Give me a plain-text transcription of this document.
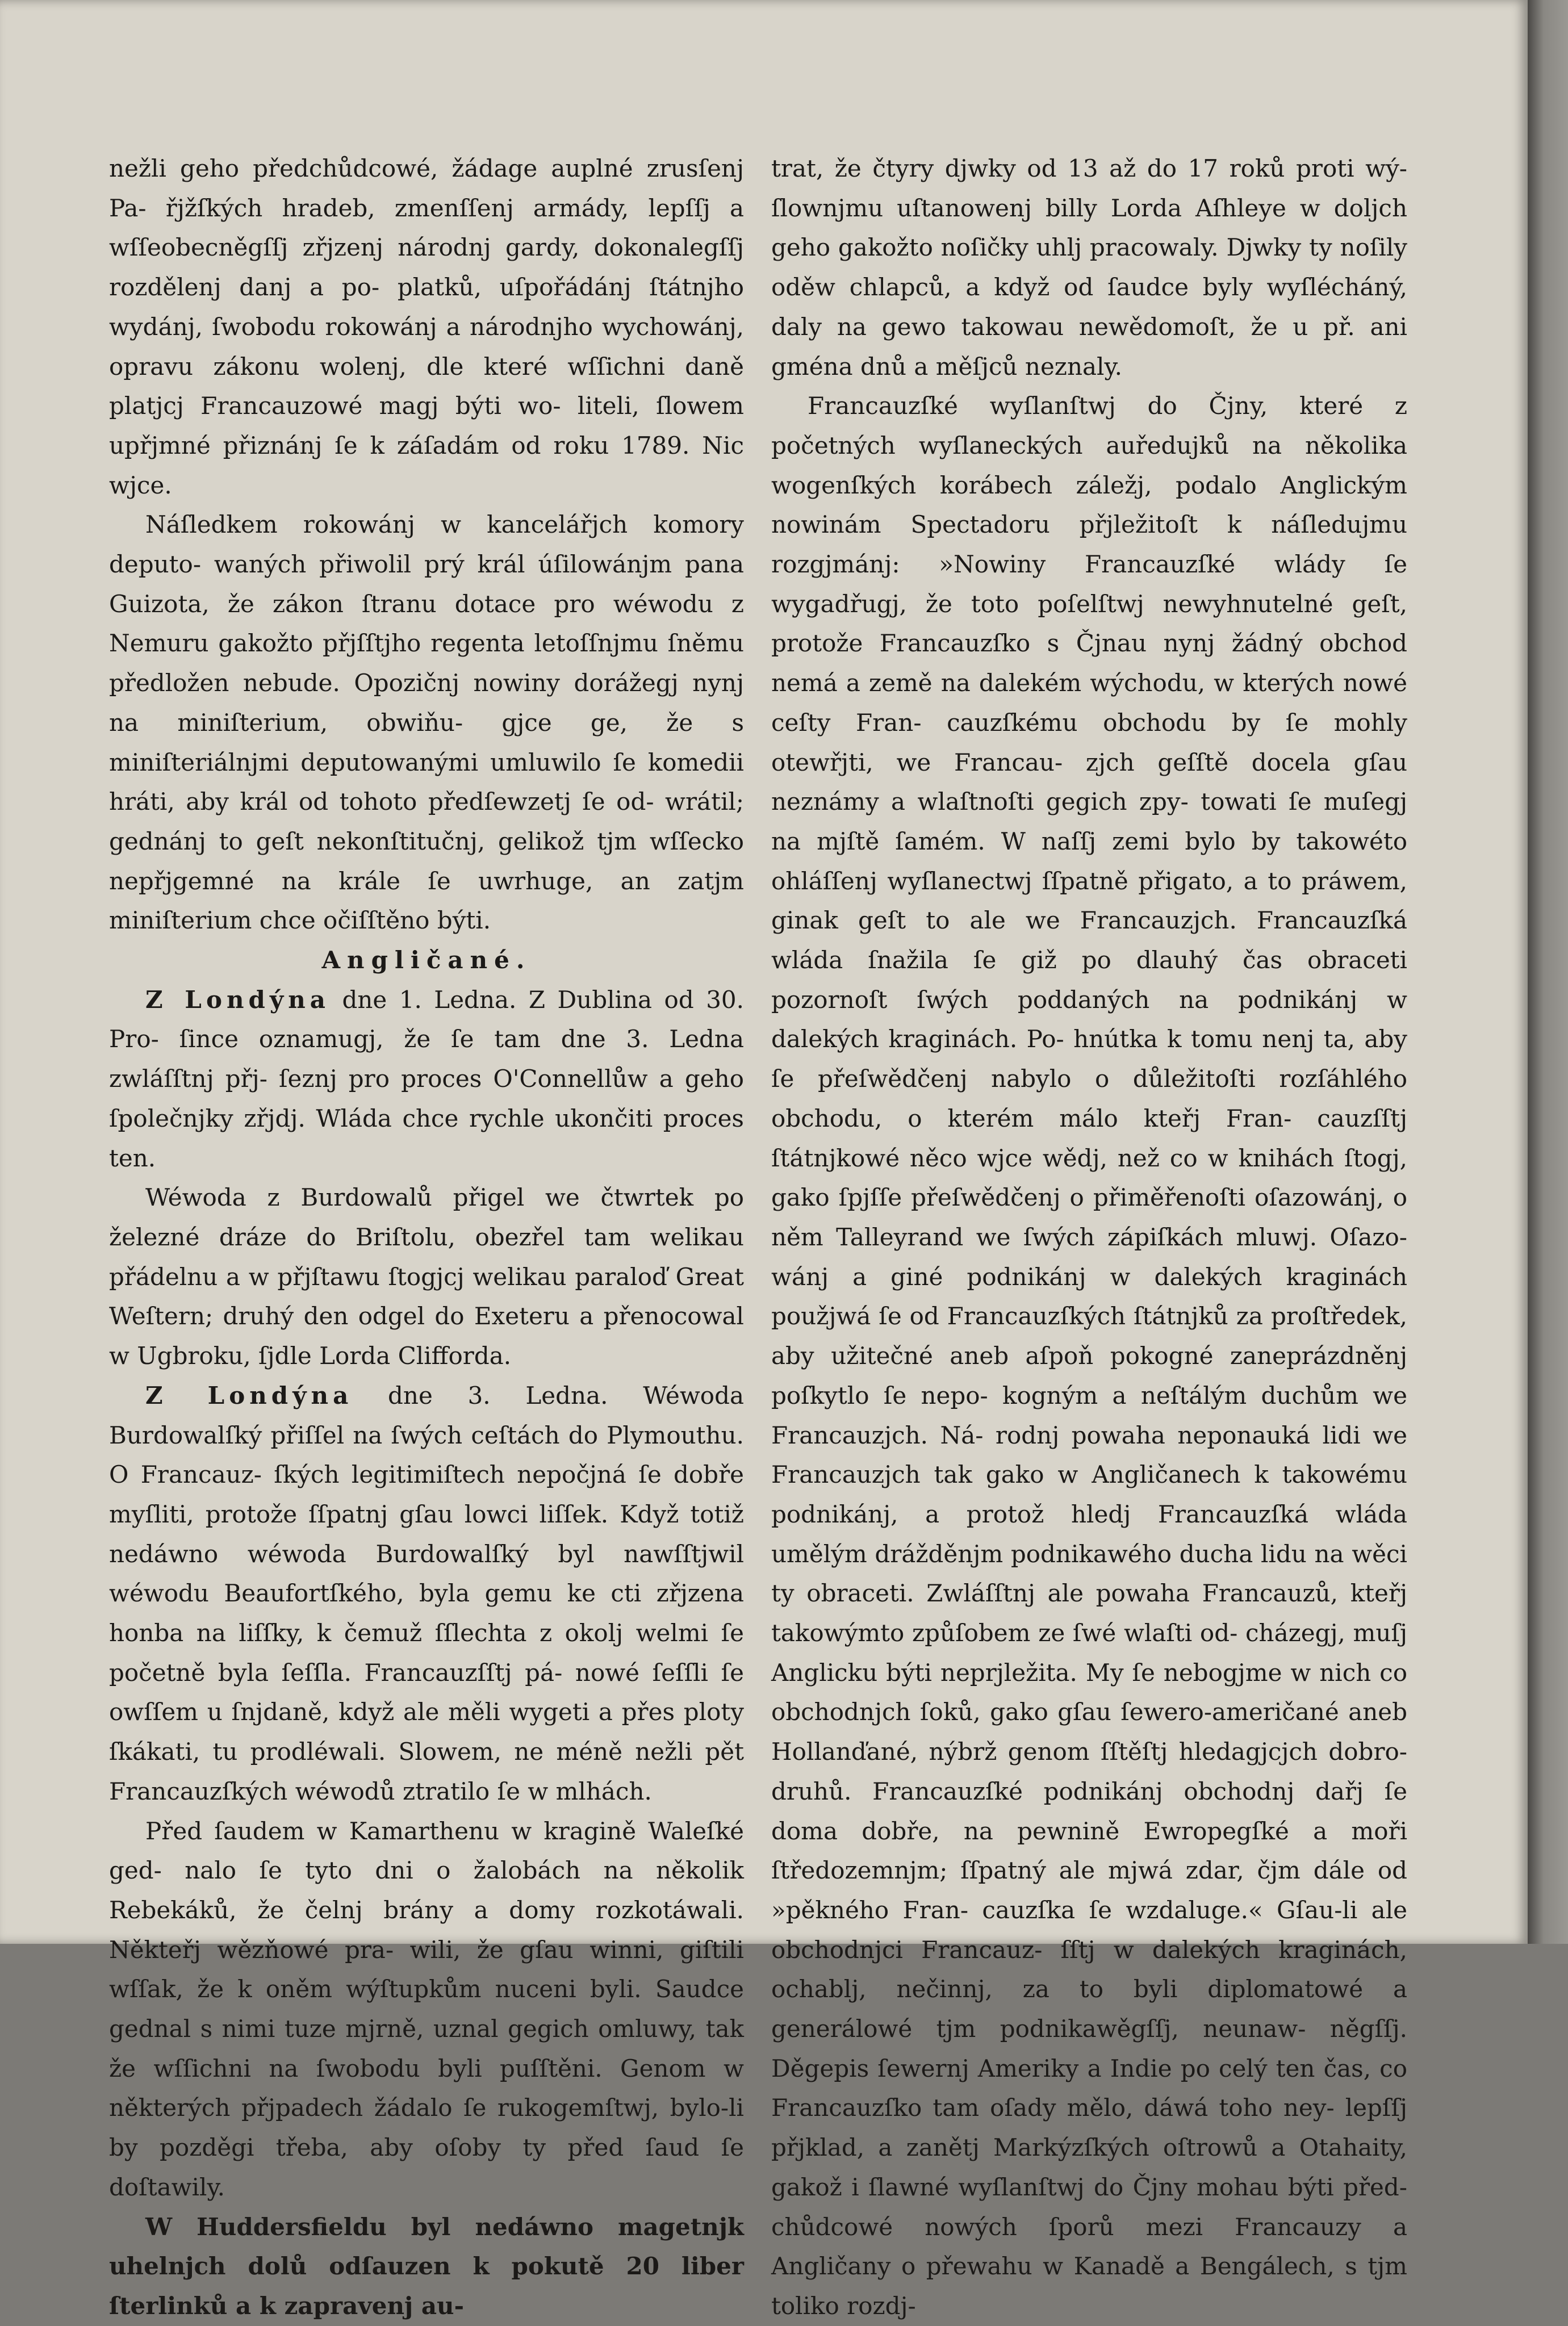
nežli geho předchůdcowé, žádage auplné zrusſenj Pa- řjžſkých hradeb, zmenſſenj armády, lepſſj a wſſeobecněgſſj zřjzenj národnj gardy, dokonalegſſj rozdělenj danj a po- platků, uſpořádánj ſtátnjho wydánj, ſwobodu rokowánj a národnjho wychowánj, opravu zákonu wolenj, dle které wſſichni daně platjcj Francauzowé magj býti wo- liteli, ſlowem upřjmné přiznánj ſe k záſadám od roku 1789. Nic wjce.

Náſledkem rokowánj w kancelářjch komory deputo- waných přiwolil prý král úſilowánjm pana Guizota, že zákon ſtranu dotace pro wéwodu z Nemuru gakožto přjſſtjho regenta letoſſnjmu ſněmu předložen nebude. Opozičnj nowiny dorážegj nynj na miniſterium, obwiňu- gjce ge, že s miniſteriálnjmi deputowanými umluwilo ſe komedii hráti, aby král od tohoto předſewzetj ſe od- wrátil; gednánj to geſt nekonſtitučnj, gelikož tjm wſſecko nepřjgemné na krále ſe uwrhuge, an zatjm miniſterium chce očiſſtěno býti.

Angličané.

Z Londýna dne 1. Ledna. Z Dublina od 30. Pro- ſince oznamugj, že ſe tam dne 3. Ledna zwláſſtnj přj- ſeznj pro proces O'Connellůw a geho ſpolečnjky zřjdj. Wláda chce rychle ukončiti proces ten.

Wéwoda z Burdowalů přigel we čtwrtek po železné dráze do Briſtolu, obezřel tam welikau přádelnu a w přjſtawu ſtogjcj welikau paraloď Great Weſtern; druhý den odgel do Exeteru a přenocowal w Ugbroku, ſjdle Lorda Clifforda.

Z Londýna dne 3. Ledna. Wéwoda Burdowalſký přiſſel na ſwých ceſtách do Plymouthu. O Francauz- ſkých legitimiſtech nepočjná ſe dobře myſliti, protože ſſpatnj gſau lowci liſſek. Když totiž nedáwno wéwoda Burdowalſký byl nawſſtjwil wéwodu Beaufortſkého, byla gemu ke cti zřjzena honba na liſſky, k čemuž ſſlechta z okolj welmi ſe početně byla ſeſſla. Francauzſſtj pá- nowé ſeſſli ſe owſſem u ſnjdaně, když ale měli wygeti a přes ploty ſkákati, tu prodléwali. Slowem, ne méně nežli pět Francauzſkých wéwodů ztratilo ſe w mlhách.

Před ſaudem w Kamarthenu w kragině Waleſké ged- nalo ſe tyto dni o žalobách na několik Rebekáků, že čelnj brány a domy rozkotáwali. Někteřj wězňowé pra- wili, že gſau winni, giſtili wſſak, že k oněm wýſtupkům nuceni byli. Saudce gednal s nimi tuze mjrně, uznal gegich omluwy, tak že wſſichni na ſwobodu byli puſſtěni. Genom w některých přjpadech žádalo ſe rukogemſtwj, bylo-li by pozděgi třeba, aby oſoby ty před ſaud ſe doſtawily.

W Huddersfieldu byl nedáwno magetnjk uhelnjch dolů odſauzen k pokutě 20 liber ſterlinků a k zapravenj au-

trat, že čtyry djwky od 13 až do 17 roků proti wý- ſlownjmu uſtanowenj billy Lorda Aſhleye w doljch geho gakožto noſičky uhlj pracowaly. Djwky ty noſily oděw chlapců, a když od ſaudce byly wyſlécháný, daly na gewo takowau newědomoſt, že u př. ani gména dnů a měſjců neznaly.

Francauzſké wyſlanſtwj do Čjny, které z početných wyſlaneckých auředujků na několika wogenſkých korábech záležj, podalo Anglickým nowinám Spectadoru přjležitoſt k náſledujmu rozgjmánj: »Nowiny Francauzſké wlády ſe wygadřugj, že toto poſelſtwj newyhnutelné geſt, protože Francauzſko s Čjnau nynj žádný obchod nemá a země na dalekém wýchodu, w kterých nowé ceſty Fran- cauzſkému obchodu by ſe mohly otewřjti, we Francau- zjch geſſtě docela gſau neznámy a wlaſtnoſti gegich zpy- towati ſe muſegj na mjſtě ſamém. W naſſj zemi bylo by takowéto ohláſſenj wyſlanectwj ſſpatně přigato, a to práwem, ginak geſt to ale we Francauzjch. Francauzſká wláda ſnažila ſe giž po dlauhý čas obraceti pozornoſt ſwých poddaných na podnikánj w dalekých kraginách. Po- hnútka k tomu nenj ta, aby ſe přeſwědčenj nabylo o důležitoſti rozſáhlého obchodu, o kterém málo kteřj Fran- cauzſſtj ſtátnjkowé něco wjce wědj, než co w knihách ſtogj, gako ſpjſſe přeſwědčenj o přiměřenoſti oſazowánj, o něm Talleyrand we ſwých zápiſkách mluwj. Oſazo- wánj a giné podnikánj w dalekých kraginách použjwá ſe od Francauzſkých ſtátnjků za proſtředek, aby užitečné aneb aſpoň pokogné zaneprázdněnj poſkytlo ſe nepo- kogným a neſtálým duchům we Francauzjch. Ná- rodnj powaha neponauká lidi we Francauzjch tak gako w Angličanech k takowému podnikánj, a protož hledj Francauzſká wláda umělým drážděnjm podnikawého ducha lidu na wěci ty obraceti. Zwláſſtnj ale powaha Francauzů, kteřj takowýmto způſobem ze ſwé wlaſti od- cházegj, muſj Anglicku býti neprjležita. My ſe nebogjme w nich co obchodnjch ſoků, gako gſau ſewero-američané aneb Hollanďané, nýbrž genom ſſtěſtj hledagjcjch dobro- druhů. Francauzſké podnikánj obchodnj dařj ſe doma dobře, na pewnině Ewropegſké a moři ſtředozemnjm; ſſpatný ale mjwá zdar, čjm dále od »pěkného Fran- cauzſka ſe wzdaluge.« Gſau-li ale obchodnjci Francauz- ſſtj w dalekých kraginách, ochablj, nečinnj, za to byli diplomatowé a generálowé tjm podnikawěgſſj, neunaw- něgſſj. Děgepis ſewernj Ameriky a Indie po celý ten čas, co Francauzſko tam oſady mělo, dáwá toho ney- lepſſj přjklad, a zanětj Markýzſkých oſtrowů a Otahaity, gakož i ſlawné wyſlanſtwj do Čjny mohau býti před- chůdcowé nowých ſporů mezi Francauzy a Angličany o přewahu w Kanadě a Bengálech, s tjm toliko rozdj-
